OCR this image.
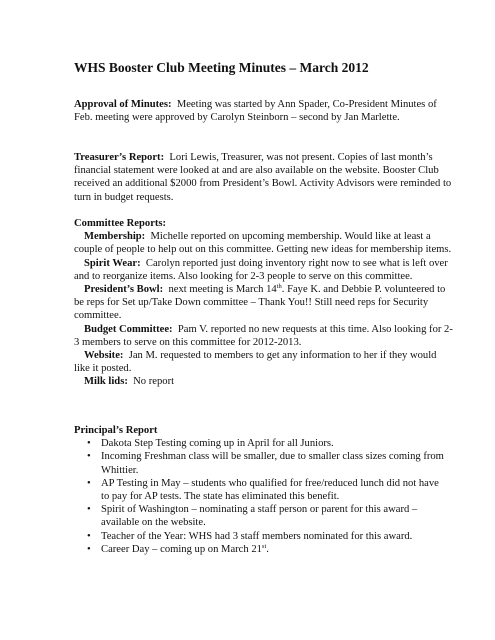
WHS Booster Club Meeting Minutes – March 2012

Approval of Minutes: Meeting was started by Ann Spader, Co-President Minutes of Feb. meeting were approved by Carolyn Steinborn – second by Jan Marlette.

Treasurer’s Report: Lori Lewis, Treasurer, was not present. Copies of last month’s financial statement were looked at and are also available on the website. Booster Club received an additional $2000 from President’s Bowl. Activity Advisors were reminded to turn in budget requests.

Committee Reports:

Membership: Michelle reported on upcoming membership. Would like at least a couple of people to help out on this committee. Getting new ideas for membership items.

Spirit Wear: Carolyn reported just doing inventory right now to see what is left over and to reorganize items. Also looking for 2-3 people to serve on this committee.

President’s Bowl: next meeting is March 14th. Faye K. and Debbie P. volunteered to be reps for Set up/Take Down committee – Thank You!! Still need reps for Security committee.

Budget Committee: Pam V. reported no new requests at this time. Also looking for 2-3 members to serve on this committee for 2012-2013.

Website: Jan M. requested to members to get any information to her if they would like it posted.

Milk lids: No report

Principal’s Report

• Dakota Step Testing coming up in April for all Juniors.
• Incoming Freshman class will be smaller, due to smaller class sizes coming from Whittier.
• AP Testing in May – students who qualified for free/reduced lunch did not have to pay for AP tests. The state has eliminated this benefit.
• Spirit of Washington – nominating a staff person or parent for this award – available on the website.
• Teacher of the Year: WHS had 3 staff members nominated for this award.
• Career Day – coming up on March 21st.
